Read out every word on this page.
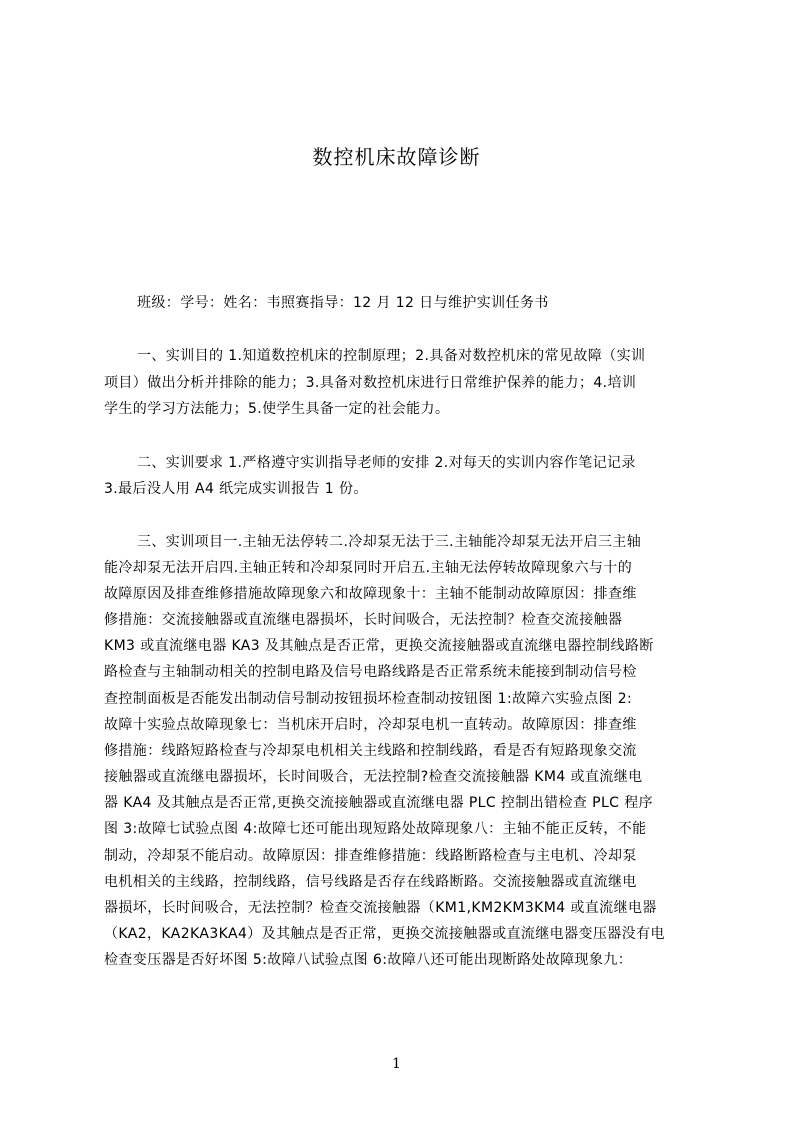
数控机床故障诊断
班级：学号：姓名：韦照赛指导：12 月 12 日与维护实训任务书
一、实训目的 1.知道数控机床的控制原理；2.具备对数控机床的常见故障（实训
项目）做出分析并排除的能力；3.具备对数控机床进行日常维护保养的能力；4.培训
学生的学习方法能力；5.使学生具备一定的社会能力。
二、实训要求 1.严格遵守实训指导老师的安排 2.对每天的实训内容作笔记记录
3.最后没人用 A4 纸完成实训报告 1 份。
三、实训项目一.主轴无法停转二.冷却泵无法于三.主轴能冷却泵无法开启三主轴
能冷却泵无法开启四.主轴正转和冷却泵同时开启五.主轴无法停转故障现象六与十的
故障原因及排查维修措施故障现象六和故障现象十：主轴不能制动故障原因：排查维
修措施：交流接触器或直流继电器损坏，长时间吸合，无法控制？检查交流接触器
KM3 或直流继电器 KA3 及其触点是否正常，更换交流接触器或直流继电器控制线路断
路检查与主轴制动相关的控制电路及信号电路线路是否正常系统未能接到制动信号检
查控制面板是否能发出制动信号制动按钮损坏检查制动按钮图 1:故障六实验点图 2:
故障十实验点故障现象七：当机床开启时，冷却泵电机一直转动。故障原因：排查维
修措施：线路短路检查与冷却泵电机相关主线路和控制线路，看是否有短路现象交流
接触器或直流继电器损坏，长时间吸合，无法控制?检查交流接触器 KM4 或直流继电
器 KA4 及其触点是否正常,更换交流接触器或直流继电器 PLC 控制出错检查 PLC 程序
图 3:故障七试验点图 4:故障七还可能出现短路处故障现象八：主轴不能正反转，不能
制动，冷却泵不能启动。故障原因：排查维修措施：线路断路检查与主电机、冷却泵
电机相关的主线路，控制线路，信号线路是否存在线路断路。交流接触器或直流继电
器损坏，长时间吸合，无法控制？检查交流接触器（KM1,KM2KM3KM4 或直流继电器
（KA2，KA2KA3KA4）及其触点是否正常，更换交流接触器或直流继电器变压器没有电
检查变压器是否好坏图 5:故障八试验点图 6:故障八还可能出现断路处故障现象九：
1
